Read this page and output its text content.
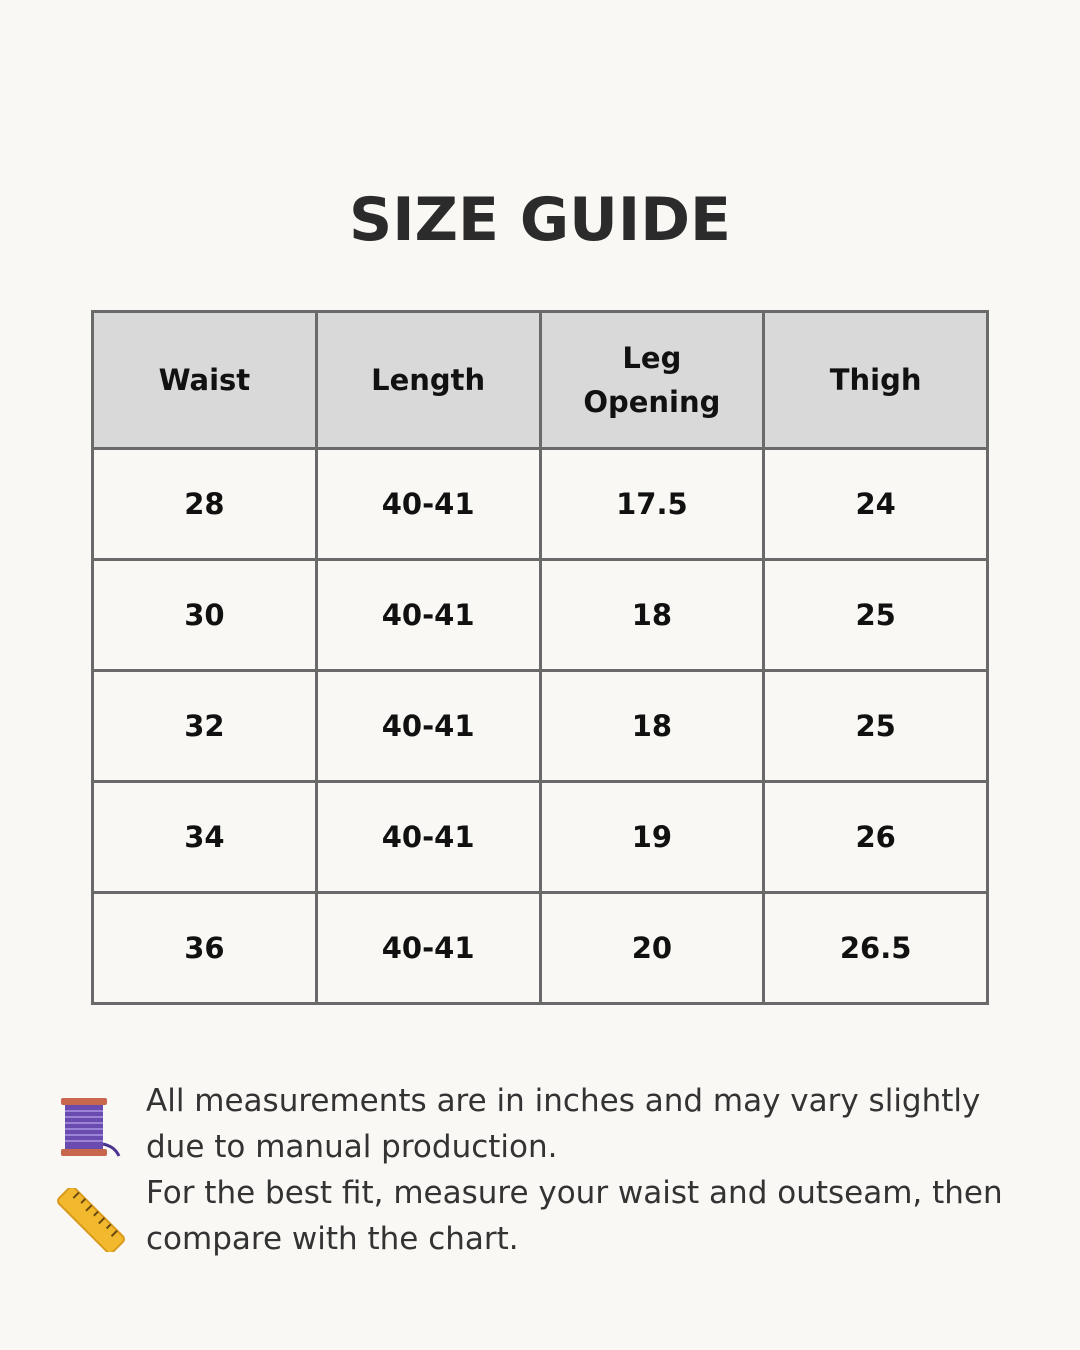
SIZE GUIDE
Waist	Length	Leg Opening	Thigh
28	40-41	17.5	24
30	40-41	18	25
32	40-41	18	25
34	40-41	19	26
36	40-41	20	26.5
All measurements are in inches and may vary slightly due to manual production.
For the best fit, measure your waist and outseam, then compare with the chart.
